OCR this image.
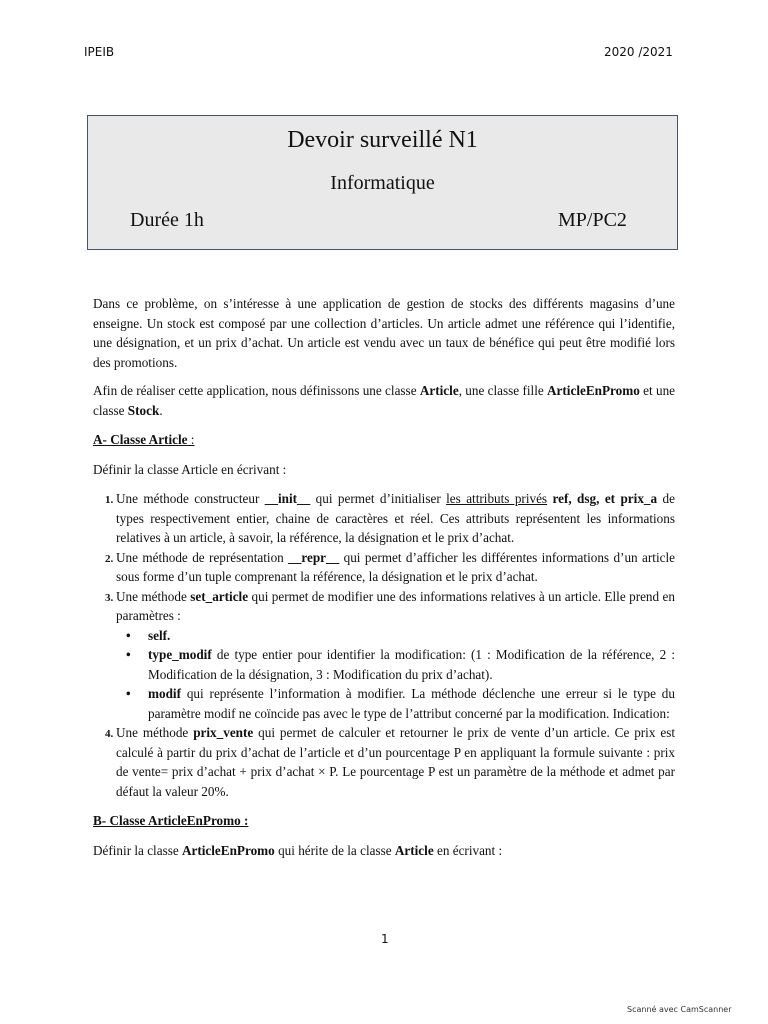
IPEIB	2020 /2021
Devoir surveillé N1
Informatique
Durée 1h	MP/PC2

Dans ce problème, on s’intéresse à une application de gestion de stocks des différents magasins d’une enseigne. Un stock est composé par une collection d’articles. Un article admet une référence qui l’identifie, une désignation, et un prix d’achat. Un article est vendu avec un taux de bénéfice qui peut être modifié lors des promotions.

Afin de réaliser cette application, nous définissons une classe Article, une classe fille ArticleEnPromo et une classe Stock.

A- Classe Article :

Définir la classe Article en écrivant :

1. Une méthode constructeur __init__ qui permet d’initialiser les attributs privés ref, dsg, et prix_a de types respectivement entier, chaine de caractères et réel. Ces attributs représentent les informations relatives à un article, à savoir, la référence, la désignation et le prix d’achat.
2. Une méthode de représentation __repr__ qui permet d’afficher les différentes informations d’un article sous forme d’un tuple comprenant la référence, la désignation et le prix d’achat.
3. Une méthode set_article qui permet de modifier une des informations relatives à un article. Elle prend en paramètres :
• self.
• type_modif de type entier pour identifier la modification: (1 : Modification de la référence, 2 : Modification de la désignation, 3 : Modification du prix d’achat).
• modif qui représente l’information à modifier. La méthode déclenche une erreur si le type du paramètre modif ne coïncide pas avec le type de l’attribut concerné par la modification. Indication:
4. Une méthode prix_vente qui permet de calculer et retourner le prix de vente d’un article. Ce prix est calculé à partir du prix d’achat de l’article et d’un pourcentage P en appliquant la formule suivante : prix de vente= prix d’achat + prix d’achat × P. Le pourcentage P est un paramètre de la méthode et admet par défaut la valeur 20%.

B- Classe ArticleEnPromo :

Définir la classe ArticleEnPromo qui hérite de la classe Article en écrivant :

1
Scanné avec CamScanner
